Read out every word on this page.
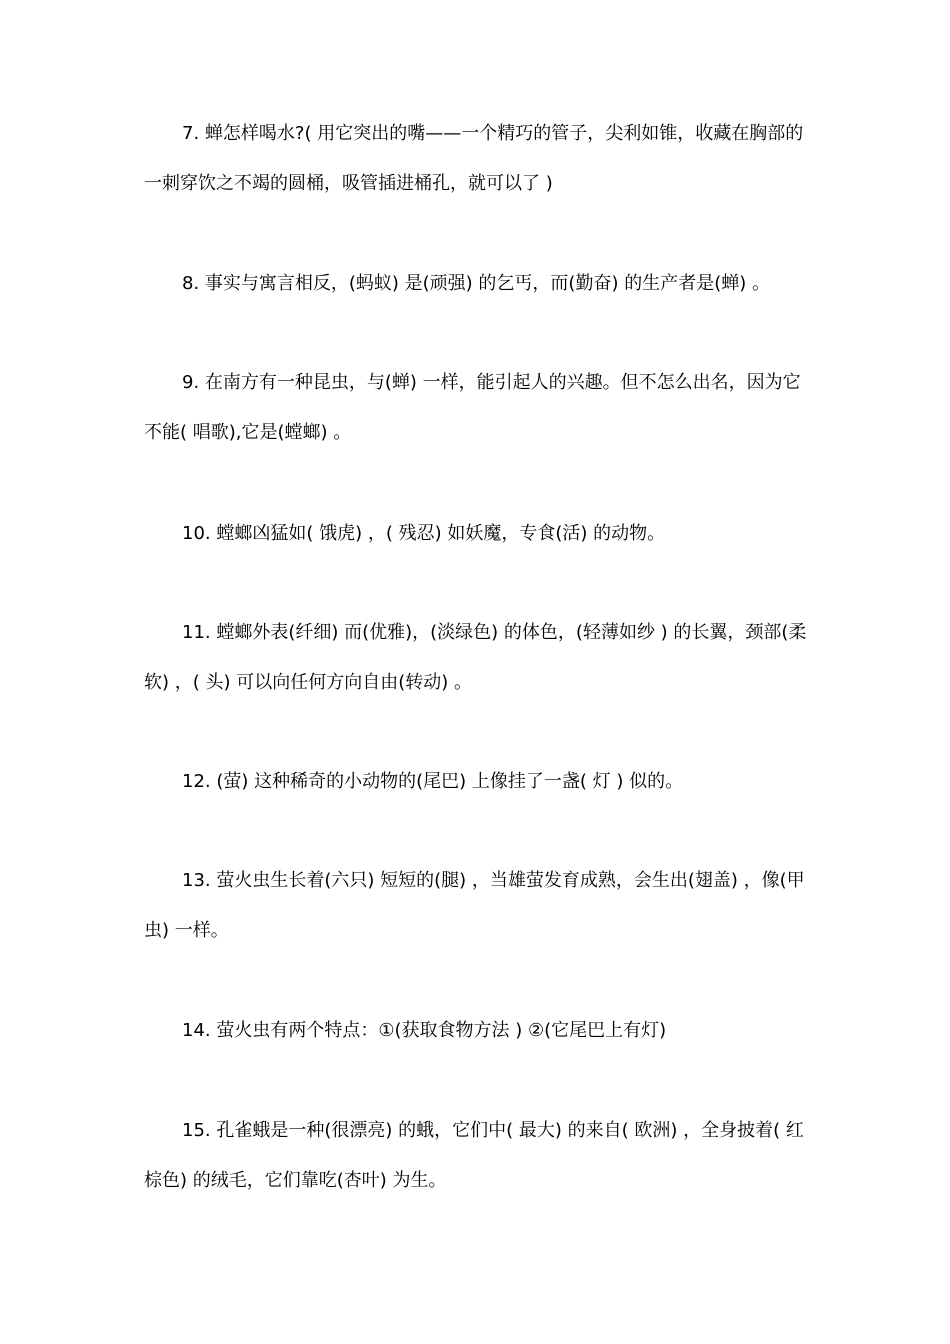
7. 蝉怎样喝水?( 用它突出的嘴——一个精巧的管子，尖利如锥，收藏在胸部的一刺穿饮之不竭的圆桶，吸管插进桶孔，就可以了 )

8. 事实与寓言相反，(蚂蚁) 是(顽强) 的乞丐，而(勤奋) 的生产者是(蝉) 。

9. 在南方有一种昆虫，与(蝉) 一样，能引起人的兴趣。但不怎么出名，因为它不能( 唱歌),它是(螳螂) 。

10. 螳螂凶猛如( 饿虎) ，( 残忍) 如妖魔，专食(活) 的动物。

11. 螳螂外表(纤细) 而(优雅)，(淡绿色) 的体色，(轻薄如纱 ) 的长翼，颈部(柔软) ，( 头) 可以向任何方向自由(转动) 。

12. (萤) 这种稀奇的小动物的(尾巴) 上像挂了一盏( 灯 ) 似的。

13. 萤火虫生长着(六只) 短短的(腿) ，当雄萤发育成熟，会生出(翅盖) ，像(甲虫) 一样。

14. 萤火虫有两个特点：①(获取食物方法 ) ②(它尾巴上有灯)

15. 孔雀蛾是一种(很漂亮) 的蛾，它们中( 最大) 的来自( 欧洲) ，全身披着( 红棕色) 的绒毛，它们靠吃(杏叶) 为生。
